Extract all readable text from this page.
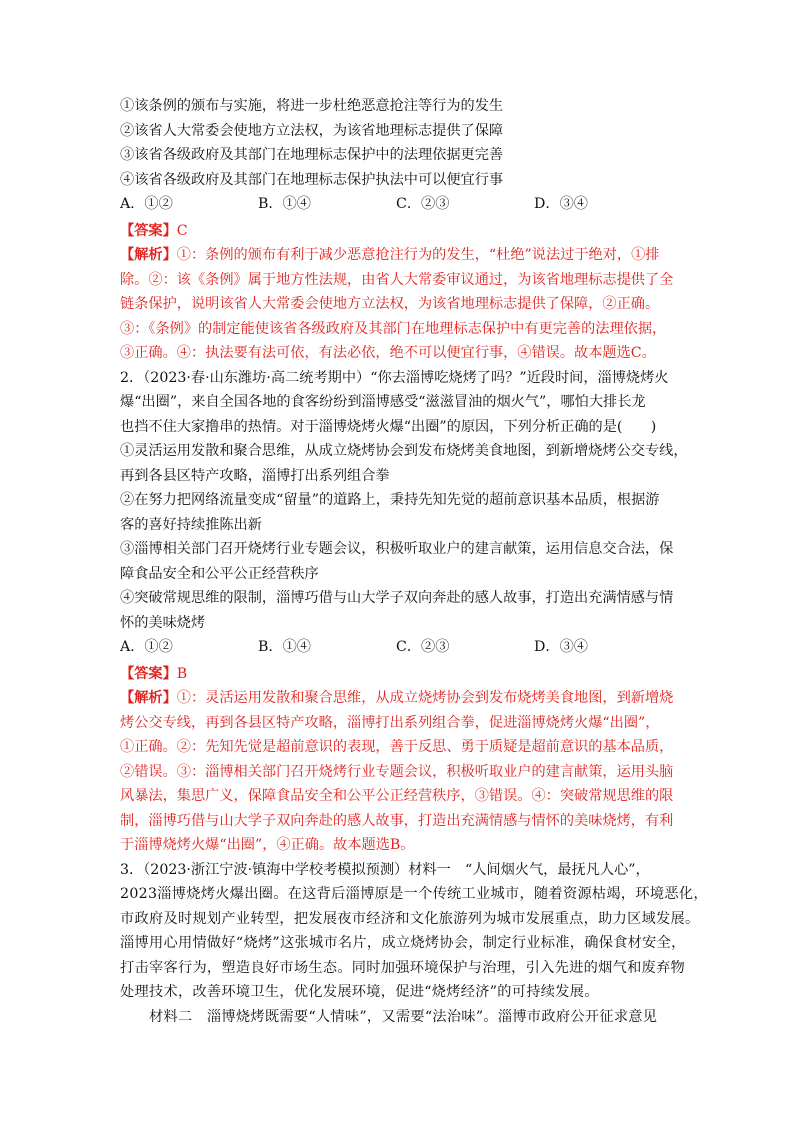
①该条例的颁布与实施，将进一步杜绝恶意抢注等行为的发生
②该省人大常委会使地方立法权，为该省地理标志提供了保障
③该省各级政府及其部门在地理标志保护中的法理依据更完善
④该省各级政府及其部门在地理标志保护执法中可以便宜行事
A．①②	B．①④	C．②③	D．③④
【答案】C
【解析】①：条例的颁布有利于减少恶意抢注行为的发生，“杜绝”说法过于绝对，①排
除。②：该《条例》属于地方性法规，由省人大常委审议通过，为该省地理标志提供了全
链条保护，说明该省人大常委会使地方立法权，为该省地理标志提供了保障，②正确。
③：《条例》的制定能使该省各级政府及其部门在地理标志保护中有更完善的法理依据，
③正确。④：执法要有法可依，有法必依，绝不可以便宜行事，④错误。故本题选C。
2．（2023·春·山东潍坊·高二统考期中）“你去淄博吃烧烤了吗？”近段时间，淄博烧烤火
爆“出圈”，来自全国各地的食客纷纷到淄博感受“滋滋冒油的烟火气”，哪怕大排长龙
也挡不住大家撸串的热情。对于淄博烧烤火爆“出圈”的原因，下列分析正确的是(　　)
①灵活运用发散和聚合思维，从成立烧烤协会到发布烧烤美食地图，到新增烧烤公交专线，
再到各县区特产攻略，淄博打出系列组合拳
②在努力把网络流量变成“留量”的道路上，秉持先知先觉的超前意识基本品质，根据游
客的喜好持续推陈出新
③淄博相关部门召开烧烤行业专题会议，积极听取业户的建言献策，运用信息交合法，保
障食品安全和公平公正经营秩序
④突破常规思维的限制，淄博巧借与山大学子双向奔赴的感人故事，打造出充满情感与情
怀的美味烧烤
A．①②	B．①④	C．②③	D．③④
【答案】B
【解析】①：灵活运用发散和聚合思维，从成立烧烤协会到发布烧烤美食地图，到新增烧
烤公交专线，再到各县区特产攻略，淄博打出系列组合拳，促进淄博烧烤火爆“出圈”，
①正确。②：先知先觉是超前意识的表现，善于反思、勇于质疑是超前意识的基本品质，
②错误。③：淄博相关部门召开烧烤行业专题会议，积极听取业户的建言献策，运用头脑
风暴法，集思广义，保障食品安全和公平公正经营秩序，③错误。④：突破常规思维的限
制，淄博巧借与山大学子双向奔赴的感人故事，打造出充满情感与情怀的美味烧烤，有利
于淄博烧烤火爆“出圈”，④正确。故本题选B。
3．（2023·浙江宁波·镇海中学校考模拟预测）材料一　“人间烟火气，最抚凡人心”，
2023淄博烧烤火爆出圈。在这背后淄博原是一个传统工业城市，随着资源枯竭，环境恶化，
市政府及时规划产业转型，把发展夜市经济和文化旅游列为城市发展重点，助力区域发展。
淄博用心用情做好“烧烤”这张城市名片，成立烧烤协会，制定行业标准，确保食材安全，
打击宰客行为，塑造良好市场生态。同时加强环境保护与治理，引入先进的烟气和废弃物
处理技术，改善环境卫生，优化发展环境，促进“烧烤经济”的可持续发展。
　　材料二　淄博烧烤既需要“人情味”，又需要“法治味”。淄博市政府公开征求意见
